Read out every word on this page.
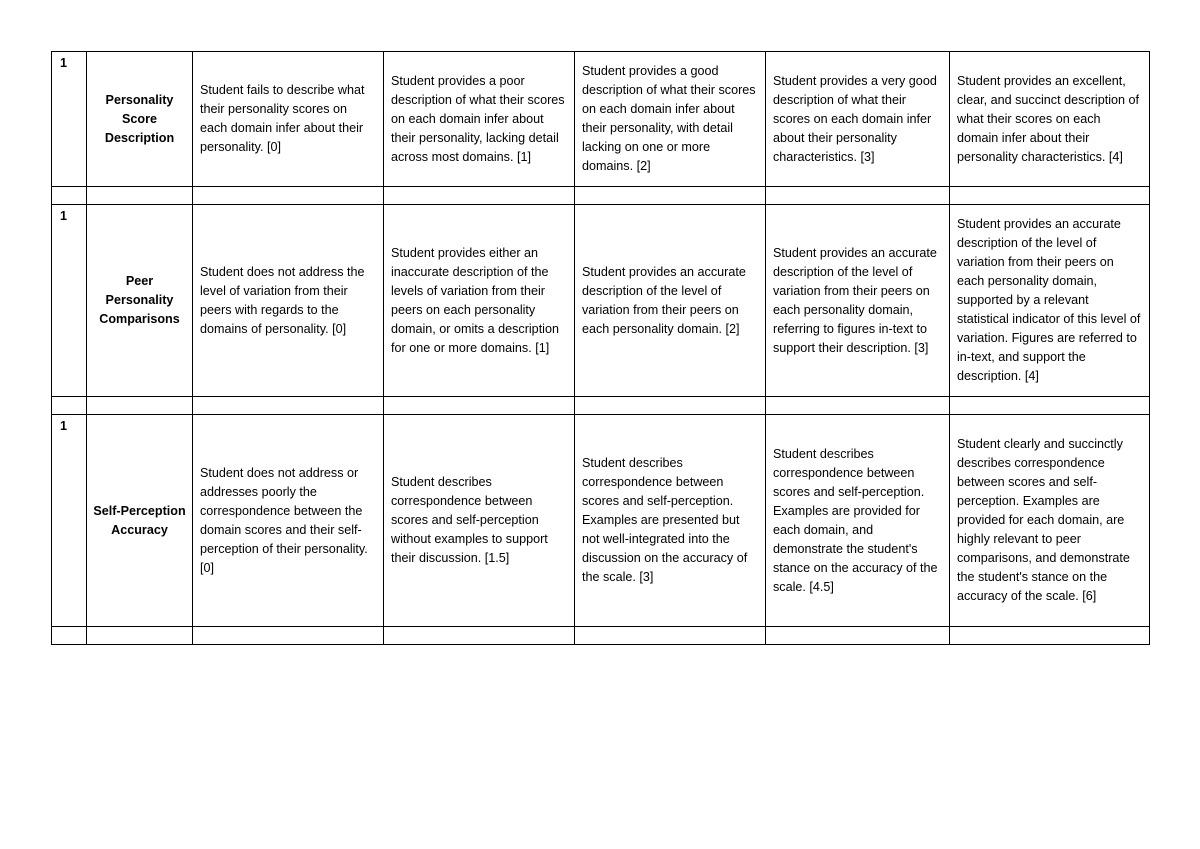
1	Personality Score Description	Student fails to describe what their personality scores on each domain infer about their personality. [0]	Student provides a poor description of what their scores on each domain infer about their personality, lacking detail across most domains. [1]	Student provides a good description of what their scores on each domain infer about their personality, with detail lacking on one or more domains. [2]	Student provides a very good description of what their scores on each domain infer about their personality characteristics. [3]	Student provides an excellent, clear, and succinct description of what their scores on each domain infer about their personality characteristics. [4]

1	Peer Personality Comparisons	Student does not address the level of variation from their peers with regards to the domains of personality. [0]	Student provides either an inaccurate description of the levels of variation from their peers on each personality domain, or omits a description for one or more domains. [1]	Student provides an accurate description of the level of variation from their peers on each personality domain. [2]	Student provides an accurate description of the level of variation from their peers on each personality domain, referring to figures in-text to support their description. [3]	Student provides an accurate description of the level of variation from their peers on each personality domain, supported by a relevant statistical indicator of this level of variation. Figures are referred to in-text, and support the description. [4]

1	Self-Perception Accuracy	Student does not address or addresses poorly the correspondence between the domain scores and their self-perception of their personality. [0]	Student describes correspondence between scores and self-perception without examples to support their discussion. [1.5]	Student describes correspondence between scores and self-perception. Examples are presented but not well-integrated into the discussion on the accuracy of the scale. [3]	Student describes correspondence between scores and self-perception. Examples are provided for each domain, and demonstrate the student's stance on the accuracy of the scale. [4.5]	Student clearly and succinctly describes correspondence between scores and self-perception. Examples are provided for each domain, are highly relevant to peer comparisons, and demonstrate the student's stance on the accuracy of the scale. [6]
